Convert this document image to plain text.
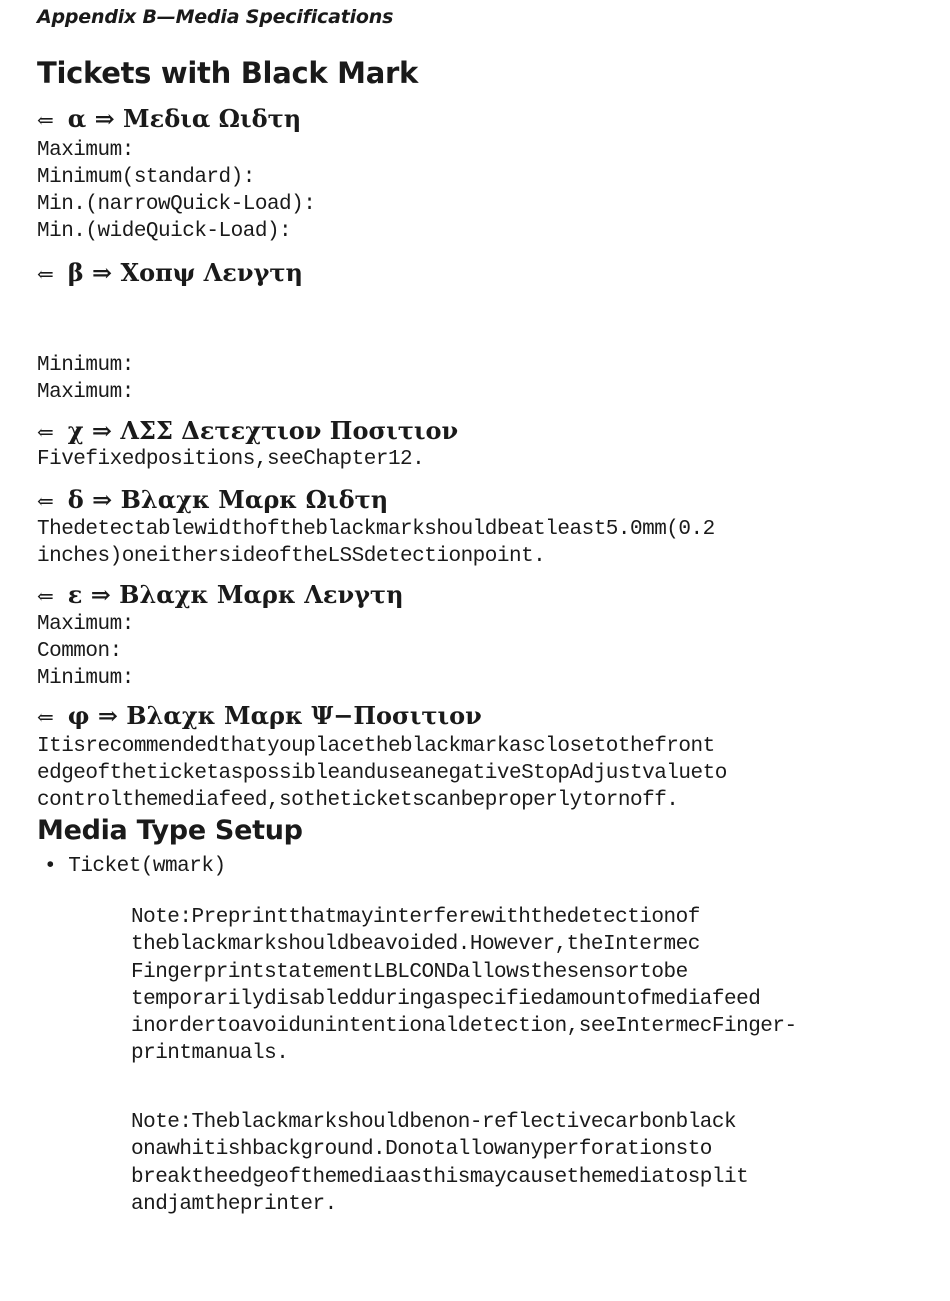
Appendix B—Media Specifications
Tickets with Black Mark
⇐ α ⇒ Μεδια Ωιδτη
Maximum:
Minimum(standard):
Min.(narrowQuick-Load):
Min.(wideQuick-Load):
⇐ β ⇒ Χοπψ Λενγτη
Minimum:
Maximum:
⇐ χ ⇒ ΛΣΣ Δετεχτιον Ποσιτιον
Fivefixedpositions,seeChapter12.
⇐ δ ⇒ Βλαχκ Μαρκ Ωιδτη
Thedetectablewidthoftheblackmarkshouldbeatleast5.0mm(0.2
inches)oneithersideoftheLSSdetectionpoint.
⇐ ε ⇒ Βλαχκ Μαρκ Λενγτη
Maximum:
Common:
Minimum:
⇐ φ ⇒ Βλαχκ Μαρκ Ψ−Ποσιτιον
Itisrecommendedthatyouplacetheblackmarkasclosetothefront
edgeoftheticketaspossibleanduseanegativeStopAdjustvalueto
controlthemediafeed,sotheticketscanbeproperlytornoff.
Media Type Setup
• Ticket(wmark)
Note:Preprintthatmayinterferewiththedetectionof
theblackmarkshouldbeavoided.However,theIntermec
FingerprintstatementLBLCONDallowsthesensortobe
temporarilydisabledduringaspecifiedamountofmediafeed
inordertoavoidunintentionaldetection,seeIntermecFinger-
printmanuals.
Note:Theblackmarkshouldbenon-reflectivecarbonblack
onawhitishbackground.Donotallowanyperforationsto
breaktheedgeofthemediaasthismaycausethemediatosplit
andjamtheprinter.
